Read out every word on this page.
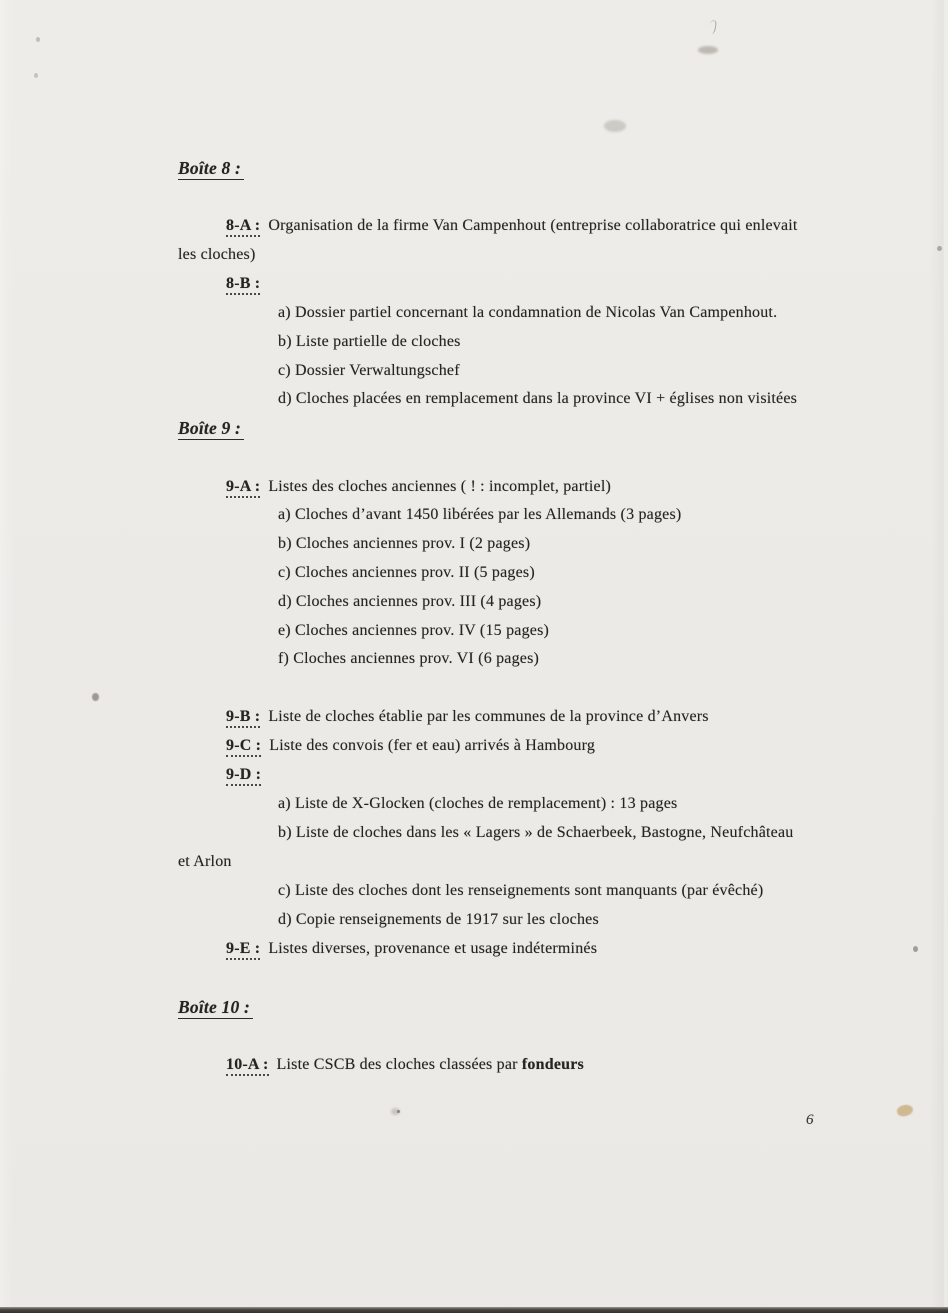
Boîte 8 :
8-A : Organisation de la firme Van Campenhout (entreprise collaboratrice qui enlevait
les cloches)
8-B :
a) Dossier partiel concernant la condamnation de Nicolas Van Campenhout.
b) Liste partielle de cloches
c) Dossier Verwaltungschef
d) Cloches placées en remplacement dans la province VI + églises non visitées
Boîte 9 :
9-A : Listes des cloches anciennes ( ! : incomplet, partiel)
a) Cloches d’avant 1450 libérées par les Allemands (3 pages)
b) Cloches anciennes prov. I (2 pages)
c) Cloches anciennes prov. II (5 pages)
d) Cloches anciennes prov. III (4 pages)
e) Cloches anciennes prov. IV (15 pages)
f) Cloches anciennes prov. VI (6 pages)
9-B : Liste de cloches établie par les communes de la province d’Anvers
9-C : Liste des convois (fer et eau) arrivés à Hambourg
9-D :
a) Liste de X-Glocken (cloches de remplacement) : 13 pages
b) Liste de cloches dans les « Lagers » de Schaerbeek, Bastogne, Neufchâteau
et Arlon
c) Liste des cloches dont les renseignements sont manquants (par évêché)
d) Copie renseignements de 1917 sur les cloches
9-E : Listes diverses, provenance et usage indéterminés
Boîte 10 :
10-A : Liste CSCB des cloches classées par fondeurs
6
